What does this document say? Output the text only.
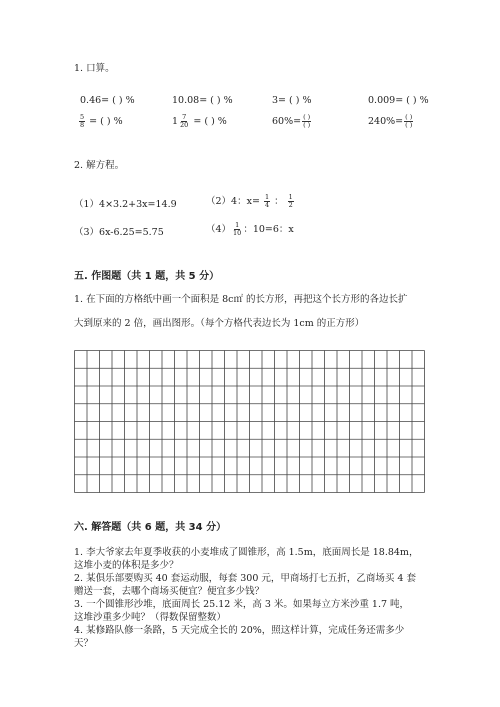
1. 口算。
0.46= ( ) %	10.08= ( ) %	3= ( ) %	0.009= ( ) %
$\frac{5}{8}$ = ( ) %	$1 \frac{7}{20}$ = ( ) %	$60\%= \frac{( )}{( )}$	$240\%= \frac{( )}{( )}$
2. 解方程。
（1）4×3.2+3x=14.9	（2）4：$x= \frac{1}{4}$ ： $\frac{1}{2}$
（3）6x-6.25=5.75	$(4) \frac{1}{10}$ ：10=6：x
五. 作图题（共 1 题，共 5 分）
1. 在下面的方格纸中画一个面积是 8c㎡ 的长方形，再把这个长方形的各边长扩
大到原来的 2 倍，画出图形。（每个方格代表边长为 1cm 的正方形）
六. 解答题（共 6 题，共 34 分）
1. 李大爷家去年夏季收获的小麦堆成了圆锥形，高 1.5m，底面周长是 18.84m，
这堆小麦的体积是多少？
2. 某俱乐部要购买 40 套运动服，每套 300 元，甲商场打七五折，乙商场买 4 套
赠送一套，去哪个商场买便宜？便宜多少钱？
3. 一个圆锥形沙堆，底面周长 25.12 米，高 3 米。如果每立方米沙重 1.7 吨，
这堆沙重多少吨？（得数保留整数）
4. 某修路队修一条路，5 天完成全长的 20%，照这样计算，完成任务还需多少
天？
